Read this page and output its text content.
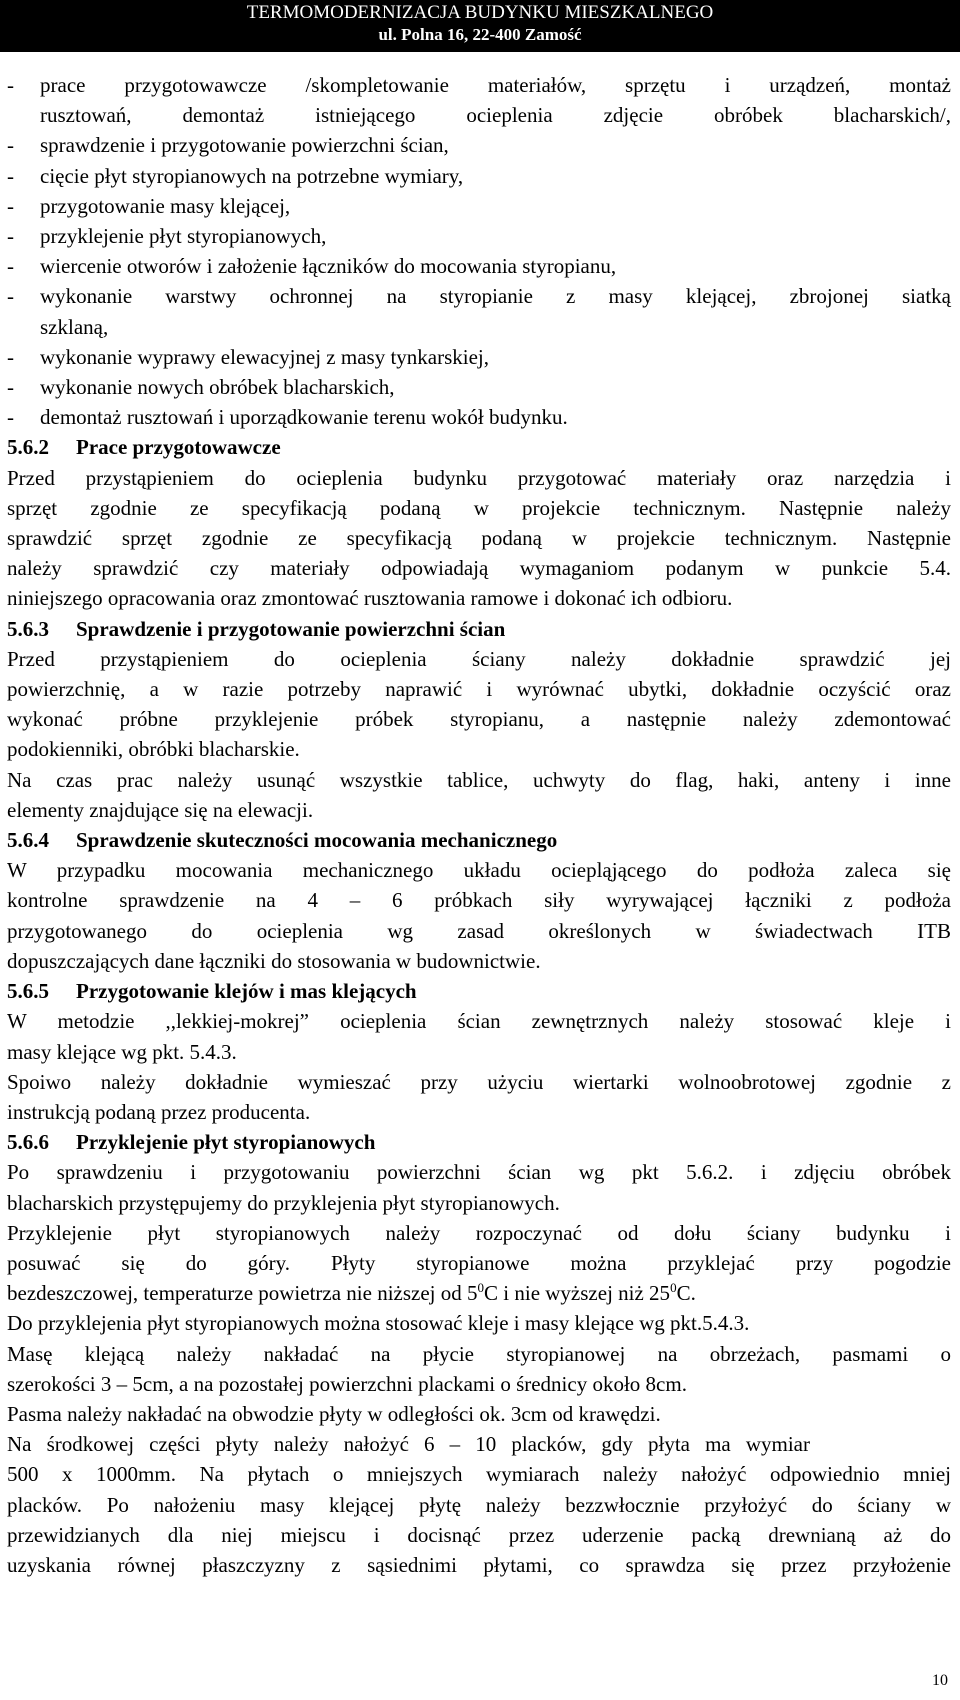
TERMOMODERNIZACJA BUDYNKU MIESZKALNEGO
ul. Polna 16, 22-400 Zamość

- prace przygotowawcze /skompletowanie materiałów, sprzętu i urządzeń, montaż

rusztowań, demontaż istniejącego ocieplenia zdjęcie obróbek blacharskich/,

- sprawdzenie i przygotowanie powierzchni ścian,

- cięcie płyt styropianowych na potrzebne wymiary,

- przygotowanie masy klejącej,

- przyklejenie płyt styropianowych,

- wiercenie otworów i założenie łączników do mocowania styropianu,

- wykonanie warstwy ochronnej na styropianie z masy klejącej, zbrojonej siatką

szklaną,

- wykonanie wyprawy elewacyjnej z masy tynkarskiej,

- wykonanie nowych obróbek blacharskich,

- demontaż rusztowań i uporządkowanie terenu wokół budynku.

5.6.2 Prace przygotowawcze

Przed przystąpieniem do ocieplenia budynku przygotować materiały oraz narzędzia i

sprzęt zgodnie ze specyfikacją podaną w projekcie technicznym. Następnie należy

sprawdzić sprzęt zgodnie ze specyfikacją podaną w projekcie technicznym. Następnie

należy sprawdzić czy materiały odpowiadają wymaganiom podanym w punkcie 5.4.

niniejszego opracowania oraz zmontować rusztowania ramowe i dokonać ich odbioru.

5.6.3 Sprawdzenie i przygotowanie powierzchni ścian

Przed przystąpieniem do ocieplenia ściany należy dokładnie sprawdzić jej

powierzchnię, a w razie potrzeby naprawić i wyrównać ubytki, dokładnie oczyścić oraz

wykonać próbne przyklejenie próbek styropianu, a następnie należy zdemontować

podokienniki, obróbki blacharskie.

Na czas prac należy usunąć wszystkie tablice, uchwyty do flag, haki, anteny i inne

elementy znajdujące się na elewacji.

5.6.4 Sprawdzenie skuteczności mocowania mechanicznego

W przypadku mocowania mechanicznego układu ociepląjącego do podłoża zaleca się

kontrolne sprawdzenie na 4 – 6 próbkach siły wyrywającej łączniki z podłoża

przygotowanego do ocieplenia wg zasad określonych w świadectwach ITB

dopuszczających dane łączniki do stosowania w budownictwie.

5.6.5 Przygotowanie klejów i mas klejących

W metodzie ,,lekkiej-mokrej” ocieplenia ścian zewnętrznych należy stosować kleje i

masy klejące wg pkt. 5.4.3.

Spoiwo należy dokładnie wymieszać przy użyciu wiertarki wolnoobrotowej zgodnie z

instrukcją podaną przez producenta.

5.6.6 Przyklejenie płyt styropianowych

Po sprawdzeniu i przygotowaniu powierzchni ścian wg pkt 5.6.2. i zdjęciu obróbek

blacharskich przystępujemy do przyklejenia płyt styropianowych.

Przyklejenie płyt styropianowych należy rozpoczynać od dołu ściany budynku i

posuwać się do góry. Płyty styropianowe można przyklejać przy pogodzie

bezdeszczowej, temperaturze powietrza nie niższej od $5^0C$ i nie wyższej niż $25^0C$.

Do przyklejenia płyt styropianowych można stosować kleje i masy klejące wg pkt.5.4.3.

Masę klejącą należy nakładać na płycie styropianowej na obrzeżach, pasmami o

szerokości 3 – 5cm, a na pozostałej powierzchni plackami o średnicy około 8cm.

Pasma należy nakładać na obwodzie płyty w odległości ok. 3cm od krawędzi.

Na środkowej części płyty należy nałożyć 6 – 10 placków, gdy płyta ma wymiar

500 x 1000mm. Na płytach o mniejszych wymiarach należy nałożyć odpowiednio mniej

placków. Po nałożeniu masy klejącej płytę należy bezzwłocznie przyłożyć do ściany w

przewidzianych dla niej miejscu i docisnąć przez uderzenie packą drewnianą aż do

uzyskania równej płaszczyzny z sąsiednimi płytami, co sprawdza się przez przyłożenie

10
